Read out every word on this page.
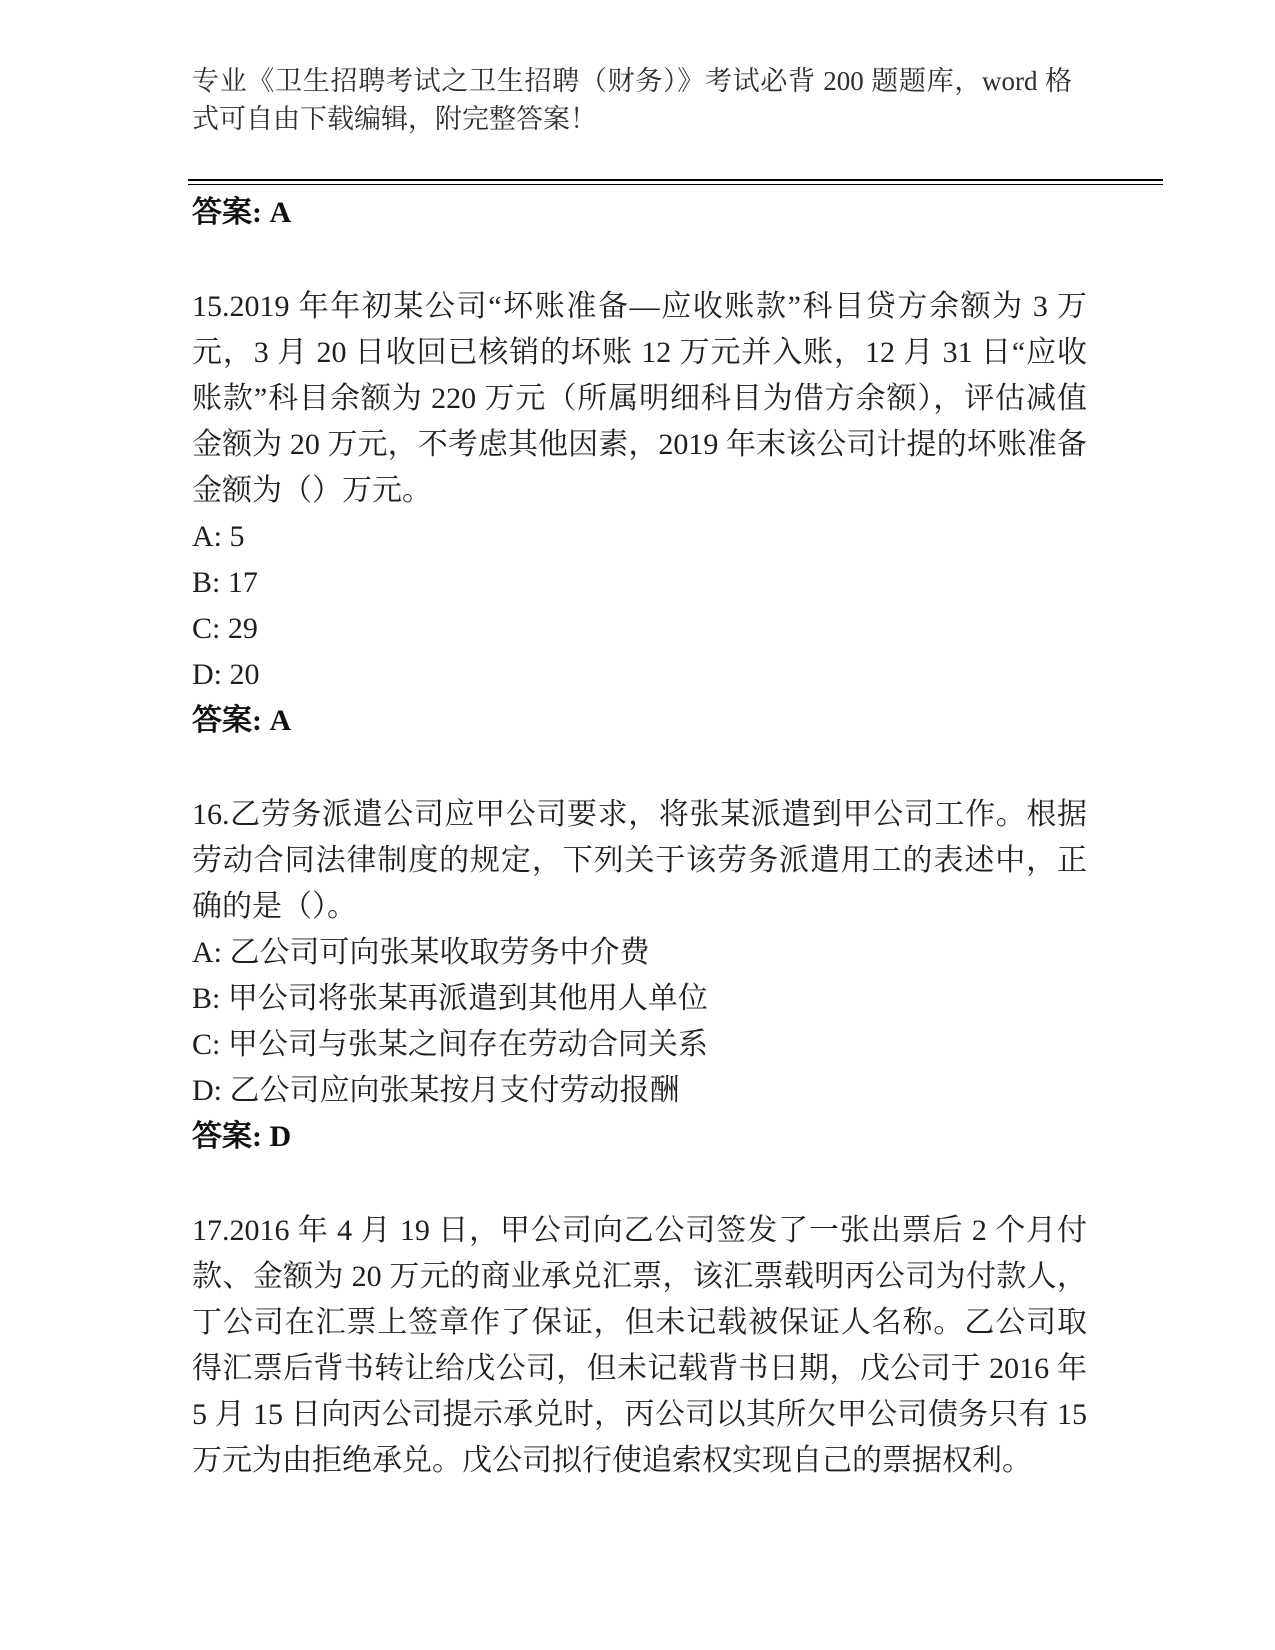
专业《卫生招聘考试之卫生招聘（财务）》考试必背 200 题题库，word 格式可自由下载编辑，附完整答案！

答案: A

15.2019 年年初某公司“坏账准备—应收账款”科目贷方余额为 3 万元，3 月 20 日收回已核销的坏账 12 万元并入账，12 月 31 日“应收账款”科目余额为 220 万元（所属明细科目为借方余额），评估减值金额为 20 万元，不考虑其他因素，2019 年末该公司计提的坏账准备金额为（）万元。

A: 5

B: 17

C: 29

D: 20

答案: A

16.乙劳务派遣公司应甲公司要求，将张某派遣到甲公司工作。根据劳动合同法律制度的规定，下列关于该劳务派遣用工的表述中，正确的是（）。

A: 乙公司可向张某收取劳务中介费

B: 甲公司将张某再派遣到其他用人单位

C: 甲公司与张某之间存在劳动合同关系

D: 乙公司应向张某按月支付劳动报酬

答案: D

17.2016 年 4 月 19 日，甲公司向乙公司签发了一张出票后 2 个月付款、金额为 20 万元的商业承兑汇票，该汇票载明丙公司为付款人，丁公司在汇票上签章作了保证，但未记载被保证人名称。乙公司取得汇票后背书转让给戊公司，但未记载背书日期，戊公司于 2016 年 5 月 15 日向丙公司提示承兑时，丙公司以其所欠甲公司债务只有 15 万元为由拒绝承兑。戊公司拟行使追索权实现自己的票据权利。
